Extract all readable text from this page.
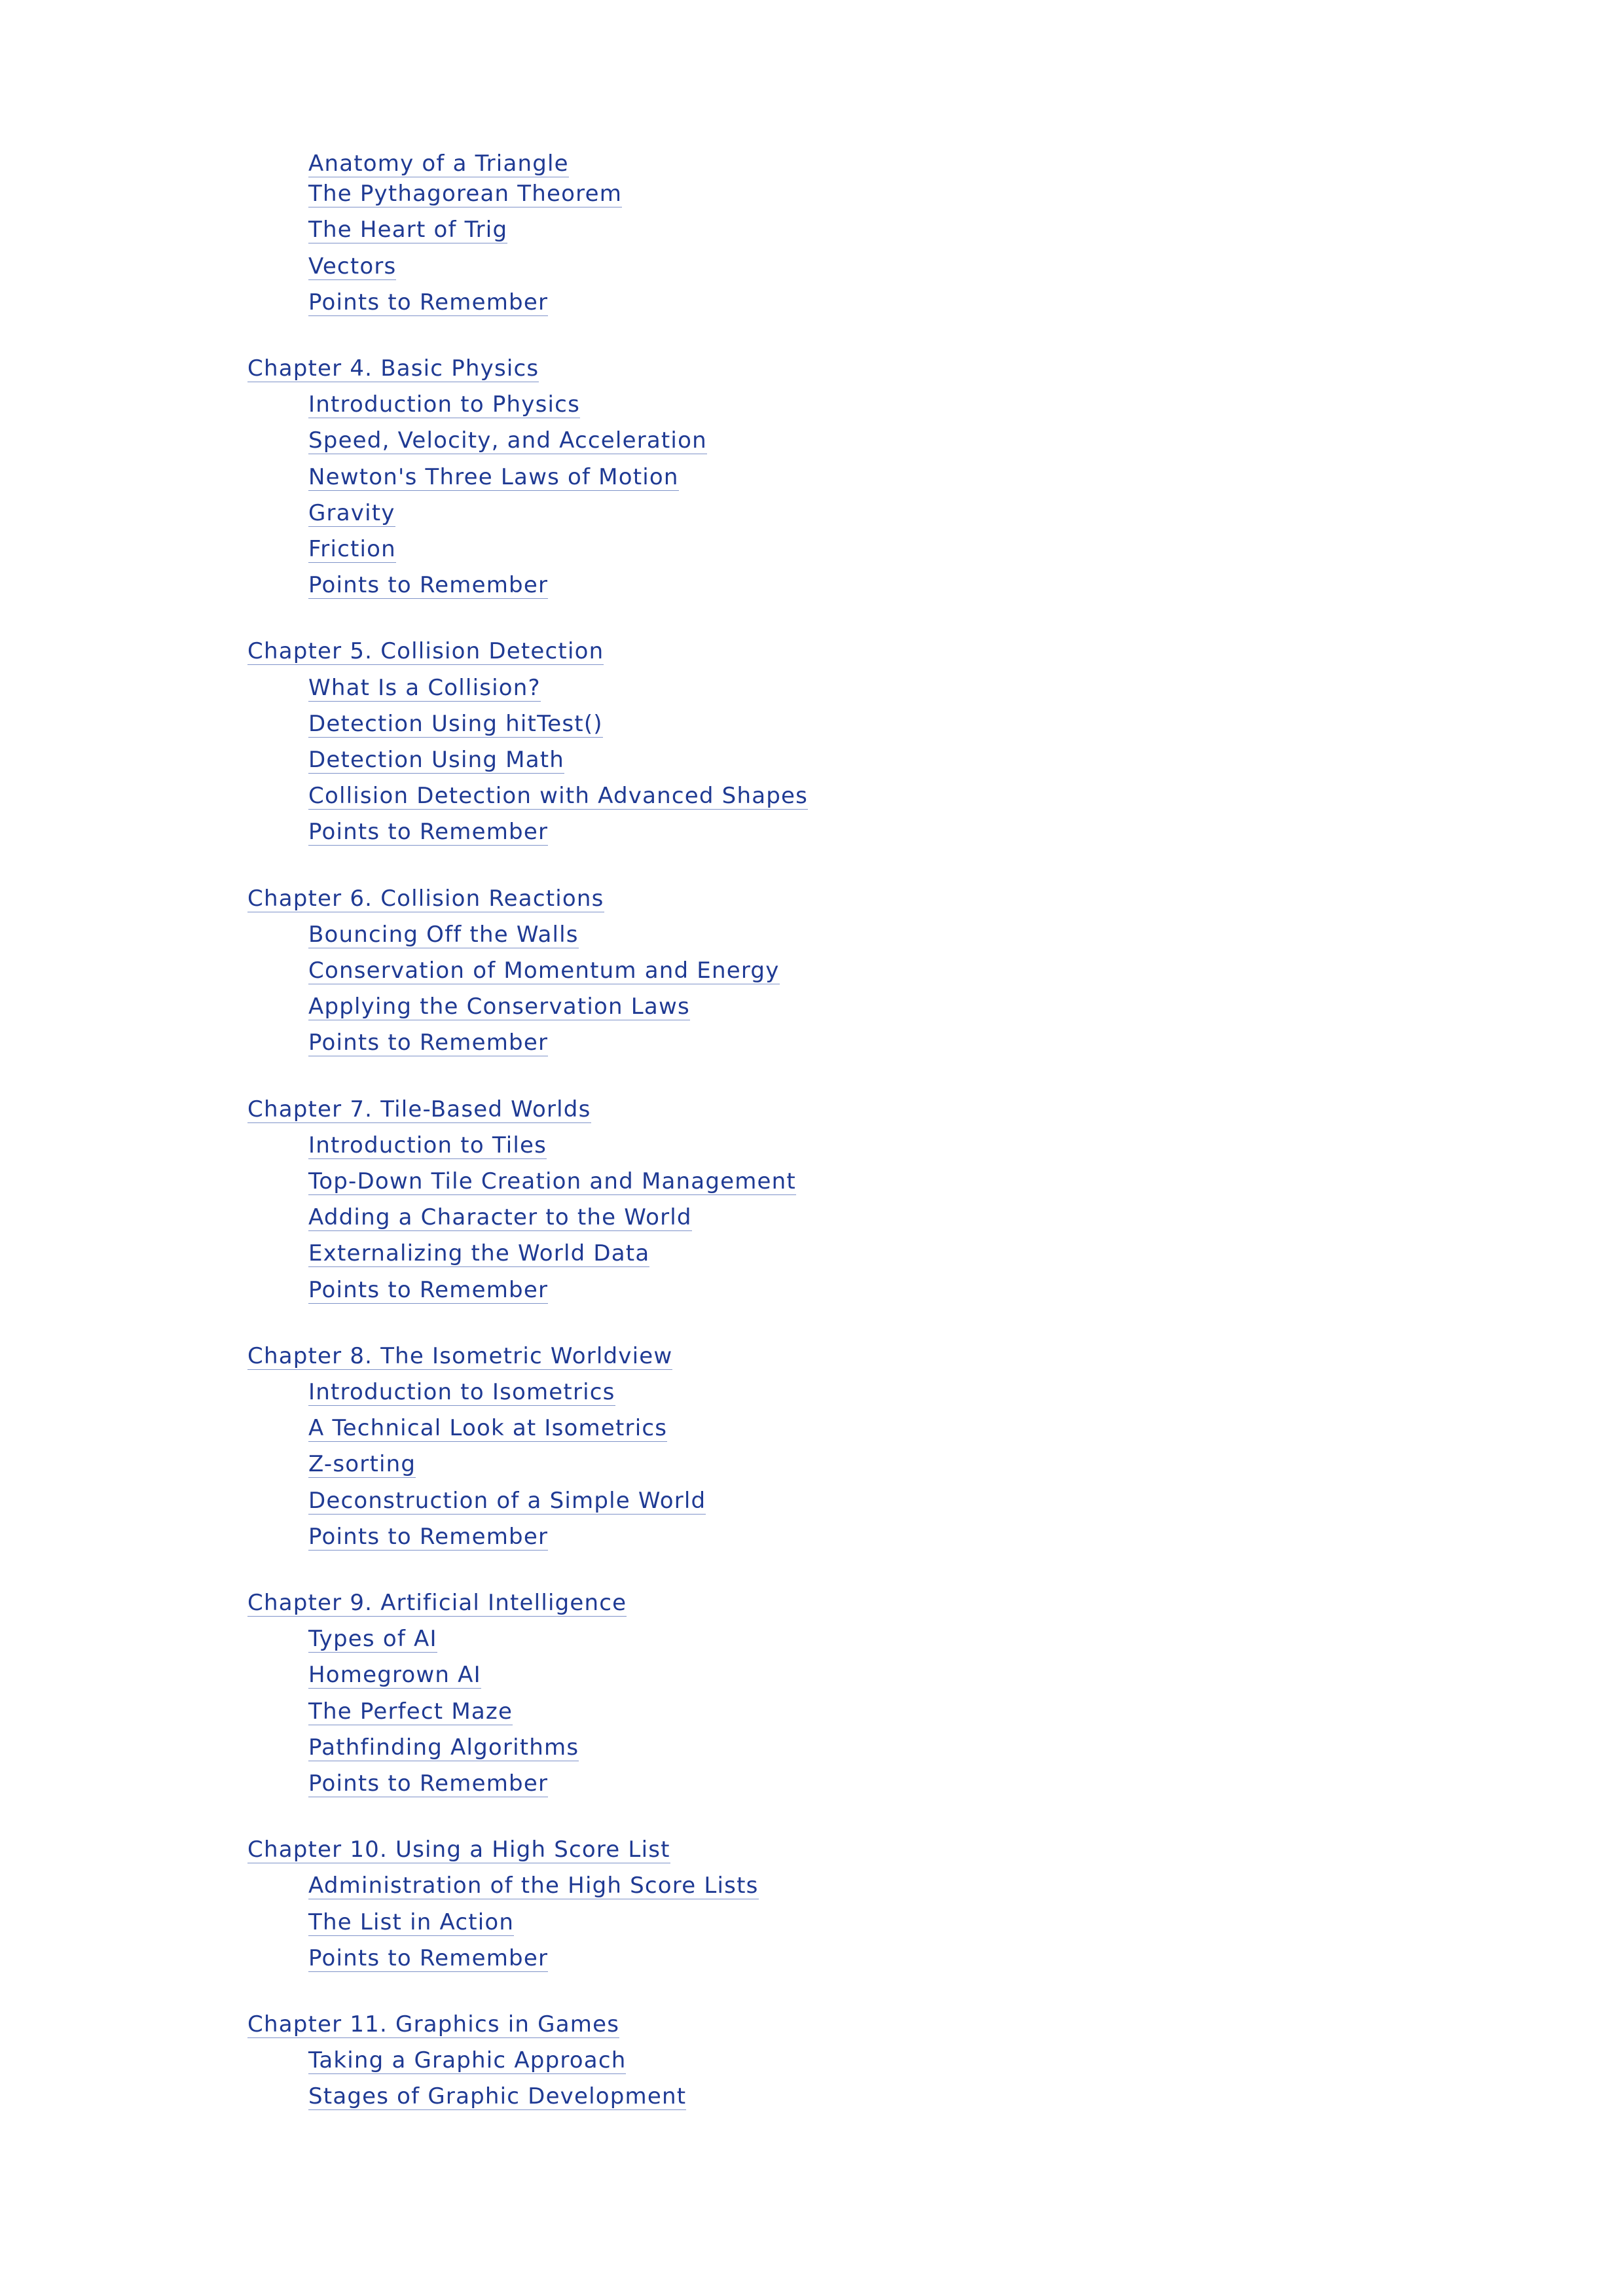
Anatomy of a Triangle
The Pythagorean Theorem
The Heart of Trig
Vectors
Points to Remember
Chapter 4. Basic Physics
Introduction to Physics
Speed, Velocity, and Acceleration
Newton's Three Laws of Motion
Gravity
Friction
Points to Remember
Chapter 5. Collision Detection
What Is a Collision?
Detection Using hitTest()
Detection Using Math
Collision Detection with Advanced Shapes
Points to Remember
Chapter 6. Collision Reactions
Bouncing Off the Walls
Conservation of Momentum and Energy
Applying the Conservation Laws
Points to Remember
Chapter 7. Tile-Based Worlds
Introduction to Tiles
Top-Down Tile Creation and Management
Adding a Character to the World
Externalizing the World Data
Points to Remember
Chapter 8. The Isometric Worldview
Introduction to Isometrics
A Technical Look at Isometrics
Z-sorting
Deconstruction of a Simple World
Points to Remember
Chapter 9. Artificial Intelligence
Types of AI
Homegrown AI
The Perfect Maze
Pathfinding Algorithms
Points to Remember
Chapter 10. Using a High Score List
Administration of the High Score Lists
The List in Action
Points to Remember
Chapter 11. Graphics in Games
Taking a Graphic Approach
Stages of Graphic Development
